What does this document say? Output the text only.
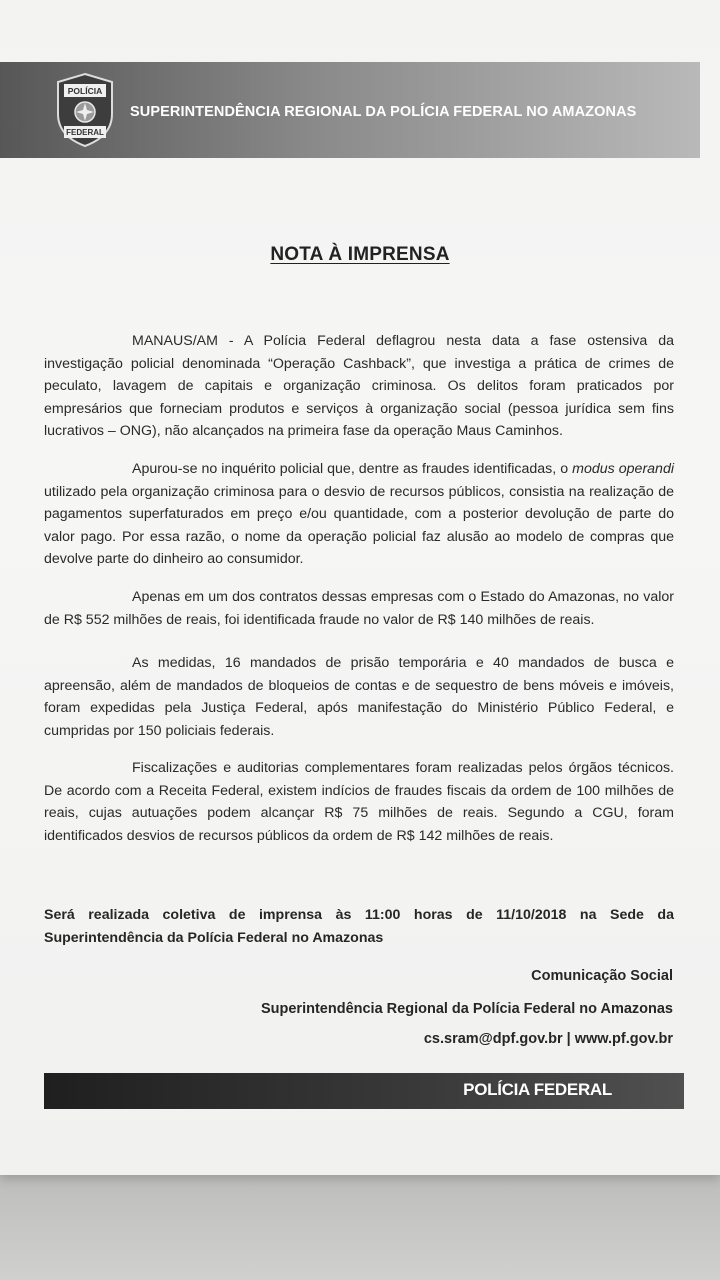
POLÍCIA
FEDERAL
SUPERINTENDÊNCIA REGIONAL DA POLÍCIA FEDERAL NO AMAZONAS
NOTA À IMPRENSA

MANAUS/AM - A Polícia Federal deflagrou nesta data a fase ostensiva da investigação policial denominada “Operação Cashback”, que investiga a prática de crimes de peculato, lavagem de capitais e organização criminosa. Os delitos foram praticados por empresários que forneciam produtos e serviços à organização social (pessoa jurídica sem fins lucrativos – ONG), não alcançados na primeira fase da operação Maus Caminhos.

Apurou-se no inquérito policial que, dentre as fraudes identificadas, o modus operandi utilizado pela organização criminosa para o desvio de recursos públicos, consistia na realização de pagamentos superfaturados em preço e/ou quantidade, com a posterior devolução de parte do valor pago. Por essa razão, o nome da operação policial faz alusão ao modelo de compras que devolve parte do dinheiro ao consumidor.

Apenas em um dos contratos dessas empresas com o Estado do Amazonas, no valor de R$ 552 milhões de reais, foi identificada fraude no valor de R$ 140 milhões de reais.

As medidas, 16 mandados de prisão temporária e 40 mandados de busca e apreensão, além de mandados de bloqueios de contas e de sequestro de bens móveis e imóveis, foram expedidas pela Justiça Federal, após manifestação do Ministério Público Federal, e cumpridas por 150 policiais federais.

Fiscalizações e auditorias complementares foram realizadas pelos órgãos técnicos. De acordo com a Receita Federal, existem indícios de fraudes fiscais da ordem de 100 milhões de reais, cujas autuações podem alcançar R$ 75 milhões de reais. Segundo a CGU, foram identificados desvios de recursos públicos da ordem de R$ 142 milhões de reais.

Será realizada coletiva de imprensa às 11:00 horas de 11/10/2018 na Sede da Superintendência da Polícia Federal no Amazonas

Comunicação Social
Superintendência Regional da Polícia Federal no Amazonas
cs.sram@dpf.gov.br | www.pf.gov.br
POLÍCIA FEDERAL
